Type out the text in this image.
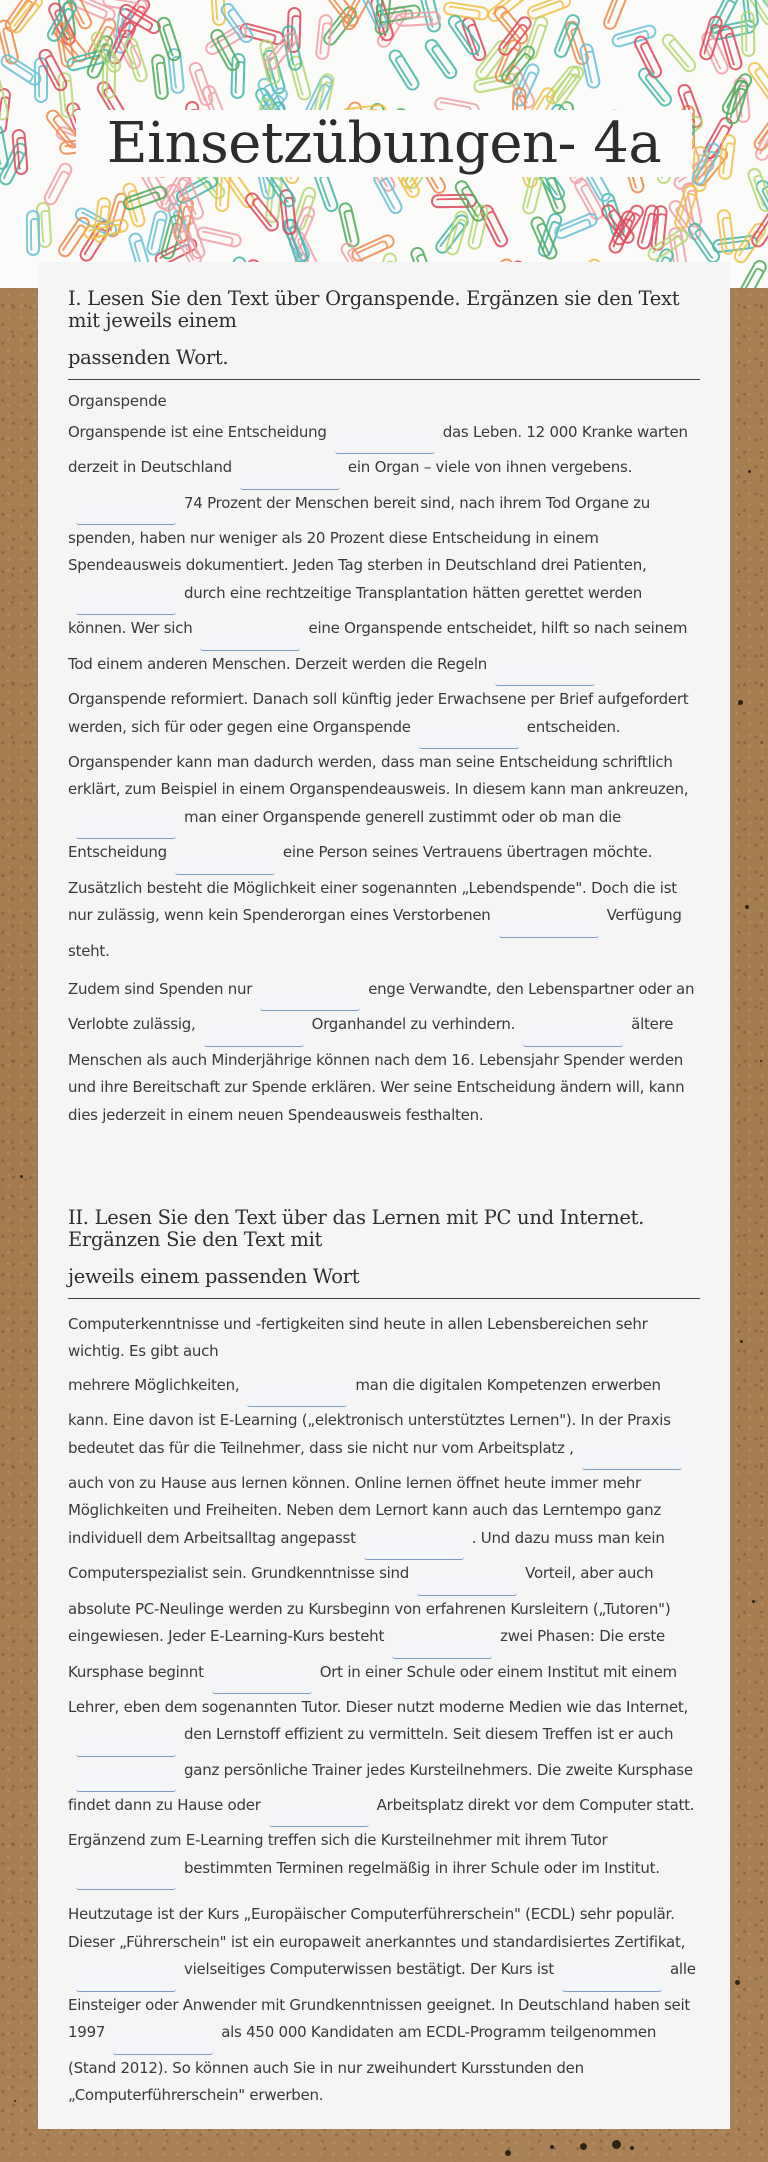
Einsetzübungen- 4a
I. Lesen Sie den Text über Organspende. Ergänzen sie den Text mit jeweils einem
passenden Wort.
Organspende

Organspende ist eine Entscheidung	das Leben. 12 000 Kranke warten derzeit in Deutschland	ein Organ – viele von ihnen vergebens.74 Prozent der Menschen bereit sind, nach ihrem Tod Organe zu spenden, haben nur weniger als 20 Prozent diese Entscheidung in einem Spendeausweis dokumentiert. Jeden Tag sterben in Deutschland drei Patienten,durch eine rechtzeitige Transplantation hätten gerettet werden können. Wer sich	eine Organspende entscheidet, hilft so nach seinem Tod einem anderen Menschen. Derzeit werden die RegelnOrganspende reformiert. Danach soll künftig jeder Erwachsene per Brief aufgefordert werden, sich für oder gegen eine Organspende	entscheiden. Organspender kann man dadurch werden, dass man seine Entscheidung schriftlich erklärt, zum Beispiel in einem Organspendeausweis. In diesem kann man ankreuzen,man einer Organspende generell zustimmt oder ob man die Entscheidung	eine Person seines Vertrauens übertragen möchte. Zusätzlich besteht die Möglichkeit einer sogenannten „Lebendspende". Doch die ist nur zulässig, wenn kein Spenderorgan eines Verstorbenen	Verfügung steht.

Zudem sind Spenden nur	enge Verwandte, den Lebenspartner oder an Verlobte zulässig,	Organhandel zu verhindern.	ältere Menschen als auch Minderjährige können nach dem 16. Lebensjahr Spender werden und ihre Bereitschaft zur Spende erklären. Wer seine Entscheidung ändern will, kann dies jederzeit in einem neuen Spendeausweis festhalten.

II. Lesen Sie den Text über das Lernen mit PC und Internet. Ergänzen Sie den Text mit
jeweils einem passenden Wort

Computerkenntnisse und -fertigkeiten sind heute in allen Lebensbereichen sehr wichtig. Es gibt auch

mehrere Möglichkeiten,	man die digitalen Kompetenzen erwerben kann. Eine davon ist E-Learning („elektronisch unterstütztes Lernen"). In der Praxis bedeutet das für die Teilnehmer, dass sie nicht nur vom Arbeitsplatz ,auch von zu Hause aus lernen können. Online lernen öffnet heute immer mehr Möglichkeiten und Freiheiten. Neben dem Lernort kann auch das Lerntempo ganz individuell dem Arbeitsalltag angepasst	. Und dazu muss man kein Computerspezialist sein. Grundkenntnisse sind	Vorteil, aber auch absolute PC-Neulinge werden zu Kursbeginn von erfahrenen Kursleitern („Tutoren") eingewiesen. Jeder E-Learning-Kurs besteht	zwei Phasen: Die erste Kursphase beginnt	Ort in einer Schule oder einem Institut mit einem Lehrer, eben dem sogenannten Tutor. Dieser nutzt moderne Medien wie das Internet,den Lernstoff effizient zu vermitteln. Seit diesem Treffen ist er auchganz persönliche Trainer jedes Kursteilnehmers. Die zweite Kursphase findet dann zu Hause oder	Arbeitsplatz direkt vor dem Computer statt. Ergänzend zum E-Learning treffen sich die Kursteilnehmer mit ihrem Tutorbestimmten Terminen regelmäßig in ihrer Schule oder im Institut.

Heutzutage ist der Kurs „Europäischer Computerführerschein" (ECDL) sehr populär. Dieser „Führerschein" ist ein europaweit anerkanntes und standardisiertes Zertifikat,vielseitiges Computerwissen bestätigt. Der Kurs ist	alle Einsteiger oder Anwender mit Grundkenntnissen geeignet. In Deutschland haben seit 1997	als 450 000 Kandidaten am ECDL-Programm teilgenommen (Stand 2012). So können auch Sie in nur zweihundert Kursstunden den „Computerführerschein" erwerben.
